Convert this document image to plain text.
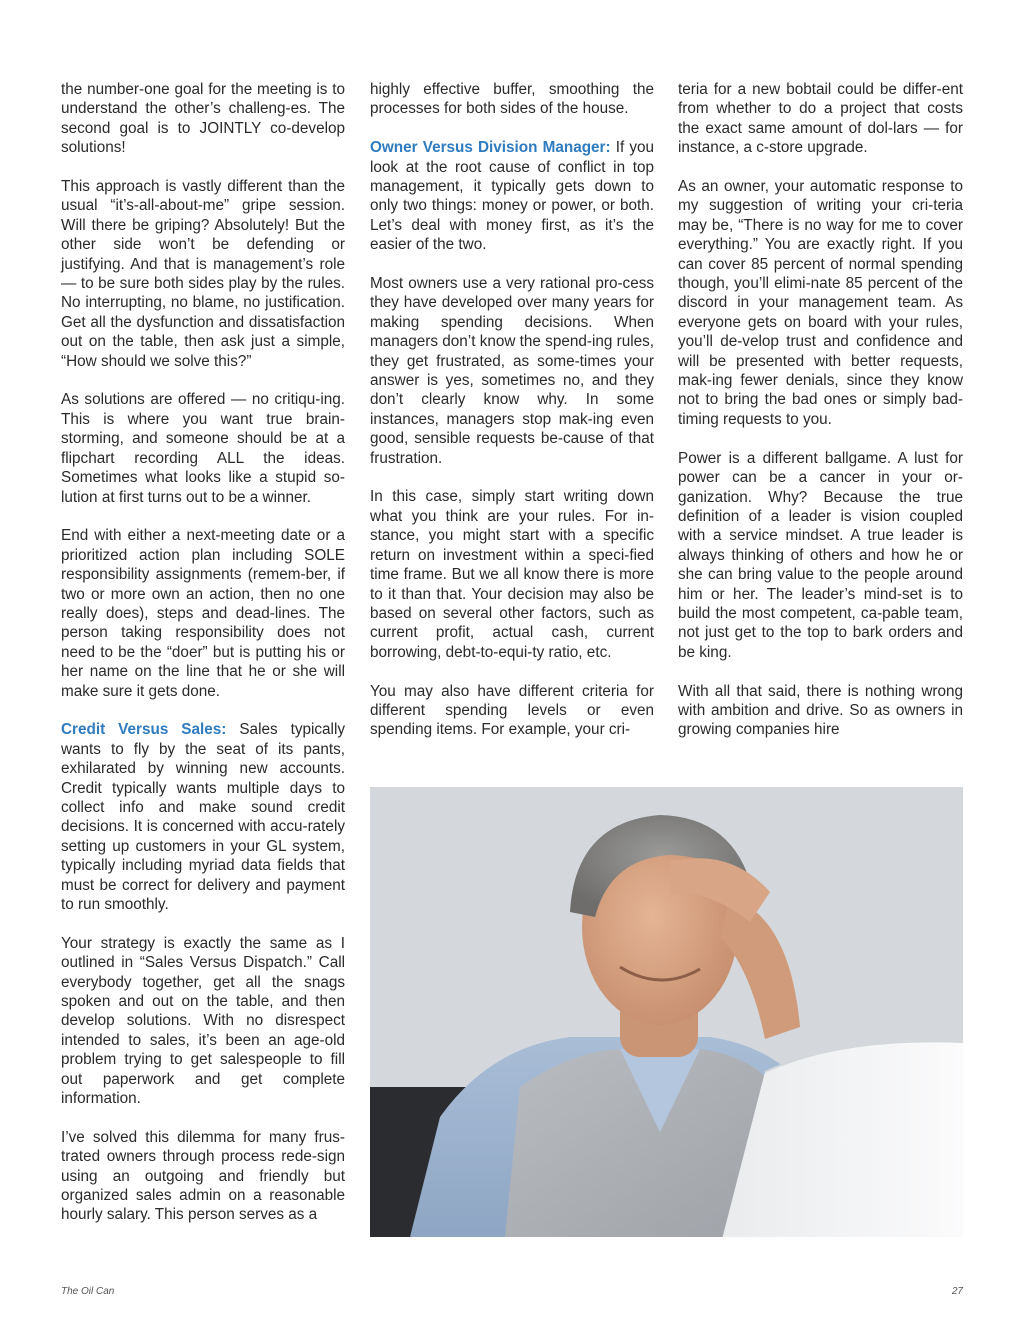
the number-one goal for the meeting is to understand the other’s challeng-es. The second goal is to JOINTLY co-develop solutions!

This approach is vastly different than the usual “it’s-all-about-me” gripe session. Will there be griping? Absolutely! But the other side won’t be defending or justifying. And that is management’s role — to be sure both sides play by the rules. No interrupting, no blame, no justification. Get all the dysfunction and dissatisfaction out on the table, then ask just a simple, “How should we solve this?”

As solutions are offered — no critiqu-ing. This is where you want true brain-storming, and someone should be at a flipchart recording ALL the ideas. Sometimes what looks like a stupid so-lution at first turns out to be a winner.

End with either a next-meeting date or a prioritized action plan including SOLE responsibility assignments (remem-ber, if two or more own an action, then no one really does), steps and dead-lines. The person taking responsibility does not need to be the “doer” but is putting his or her name on the line that he or she will make sure it gets done.

Credit Versus Sales: Sales typically wants to fly by the seat of its pants, exhilarated by winning new accounts. Credit typically wants multiple days to collect info and make sound credit decisions. It is concerned with accu-rately setting up customers in your GL system, typically including myriad data fields that must be correct for delivery and payment to run smoothly.

Your strategy is exactly the same as I outlined in “Sales Versus Dispatch.” Call everybody together, get all the snags spoken and out on the table, and then develop solutions. With no disrespect intended to sales, it’s been an age-old problem trying to get salespeople to fill out paperwork and get complete information.

I’ve solved this dilemma for many frus-trated owners through process rede-sign using an outgoing and friendly but organized sales admin on a reasonable hourly salary. This person serves as a

highly effective buffer, smoothing the processes for both sides of the house.

Owner Versus Division Manager: If you look at the root cause of conflict in top management, it typically gets down to only two things: money or power, or both. Let’s deal with money first, as it’s the easier of the two.

Most owners use a very rational pro-cess they have developed over many years for making spending decisions. When managers don’t know the spend-ing rules, they get frustrated, as some-times your answer is yes, sometimes no, and they don’t clearly know why. In some instances, managers stop mak-ing even good, sensible requests be-cause of that frustration.

In this case, simply start writing down what you think are your rules. For in-stance, you might start with a specific return on investment within a speci-fied time frame. But we all know there is more to it than that. Your decision may also be based on several other factors, such as current profit, actual cash, current borrowing, debt-to-equi-ty ratio, etc.

You may also have different criteria for different spending levels or even spending items. For example, your cri-

teria for a new bobtail could be differ-ent from whether to do a project that costs the exact same amount of dol-lars — for instance, a c-store upgrade.

As an owner, your automatic response to my suggestion of writing your cri-teria may be, “There is no way for me to cover everything.” You are exactly right. If you can cover 85 percent of normal spending though, you’ll elimi-nate 85 percent of the discord in your management team. As everyone gets on board with your rules, you’ll de-velop trust and confidence and will be presented with better requests, mak-ing fewer denials, since they know not to bring the bad ones or simply bad-timing requests to you.

Power is a different ballgame. A lust for power can be a cancer in your or-ganization. Why? Because the true definition of a leader is vision coupled with a service mindset. A true leader is always thinking of others and how he or she can bring value to the people around him or her. The leader’s mind-set is to build the most competent, ca-pable team, not just get to the top to bark orders and be king.

With all that said, there is nothing wrong with ambition and drive. So as owners in growing companies hire

The Oil Can	27
